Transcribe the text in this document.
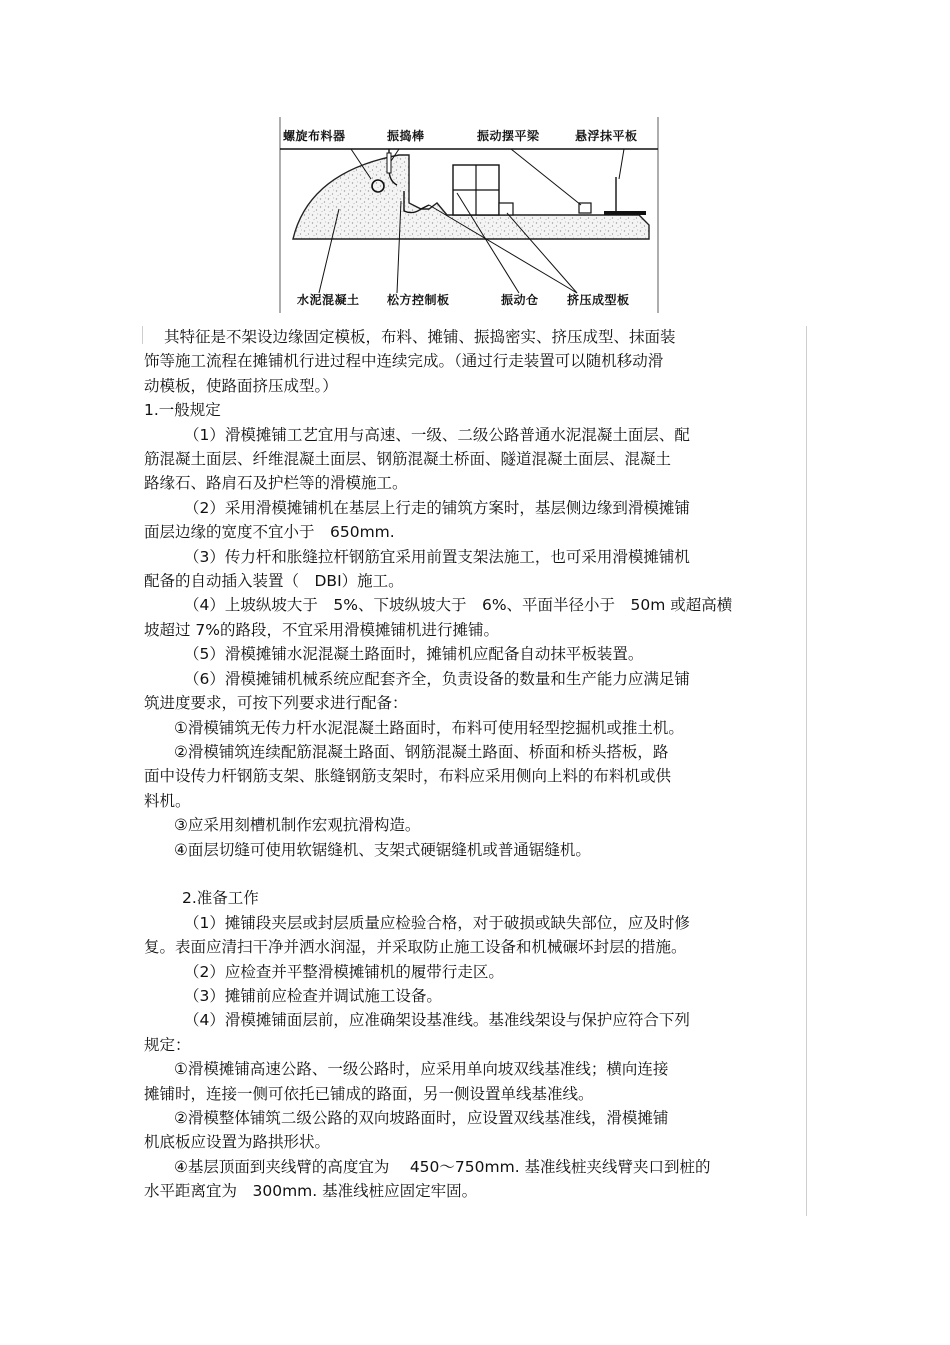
螺旋布料器	振捣棒	振动摆平梁	悬浮抹平板
水泥混凝土 松方控制板	振动仓 挤压成型板

其特征是不架设边缘固定模板，布料、摊铺、振捣密实、挤压成型、抹面装

饰等施工流程在摊铺机行进过程中连续完成。（通过行走装置可以随机移动滑

动模板，使路面挤压成型。）

1.一般规定

（1）滑模摊铺工艺宜用与高速、一级、二级公路普通水泥混凝土面层、配

筋混凝土面层、纤维混凝土面层、钢筋混凝土桥面、隧道混凝土面层、混凝土

路缘石、路肩石及护栏等的滑模施工。

（2）采用滑模摊铺机在基层上行走的铺筑方案时，基层侧边缘到滑模摊铺

面层边缘的宽度不宜小于　650mm.

（3）传力杆和胀缝拉杆钢筋宜采用前置支架法施工，也可采用滑模摊铺机

配备的自动插入装置（　DBI）施工。

（4）上坡纵坡大于　5%、下坡纵坡大于　6%、平面半径小于　50m 或超高横

坡超过 7%的路段，不宜采用滑模摊铺机进行摊铺。

（5）滑模摊铺水泥混凝土路面时，摊铺机应配备自动抹平板装置。

（6）滑模摊铺机械系统应配套齐全，负责设备的数量和生产能力应满足铺

筑进度要求，可按下列要求进行配备：

①滑模铺筑无传力杆水泥混凝土路面时，布料可使用轻型挖掘机或推土机。

②滑模铺筑连续配筋混凝土路面、钢筋混凝土路面、桥面和桥头搭板，路

面中设传力杆钢筋支架、胀缝钢筋支架时，布料应采用侧向上料的布料机或供

料机。

③应采用刻槽机制作宏观抗滑构造。

④面层切缝可使用软锯缝机、支架式硬锯缝机或普通锯缝机。

2.准备工作

（1）摊铺段夹层或封层质量应检验合格，对于破损或缺失部位，应及时修

复。表面应清扫干净并洒水润湿，并采取防止施工设备和机械碾坏封层的措施。

（2）应检查并平整滑模摊铺机的履带行走区。

（3）摊铺前应检查并调试施工设备。

（4）滑模摊铺面层前，应准确架设基准线。基准线架设与保护应符合下列

规定：

①滑模摊铺高速公路、一级公路时，应采用单向坡双线基准线；横向连接

摊铺时，连接一侧可依托已铺成的路面，另一侧设置单线基准线。

②滑模整体铺筑二级公路的双向坡路面时，应设置双线基准线，滑模摊铺

机底板应设置为路拱形状。

④基层顶面到夹线臂的高度宜为　 450～750mm. 基准线桩夹线臂夹口到桩的

水平距离宜为　300mm. 基准线桩应固定牢固。
